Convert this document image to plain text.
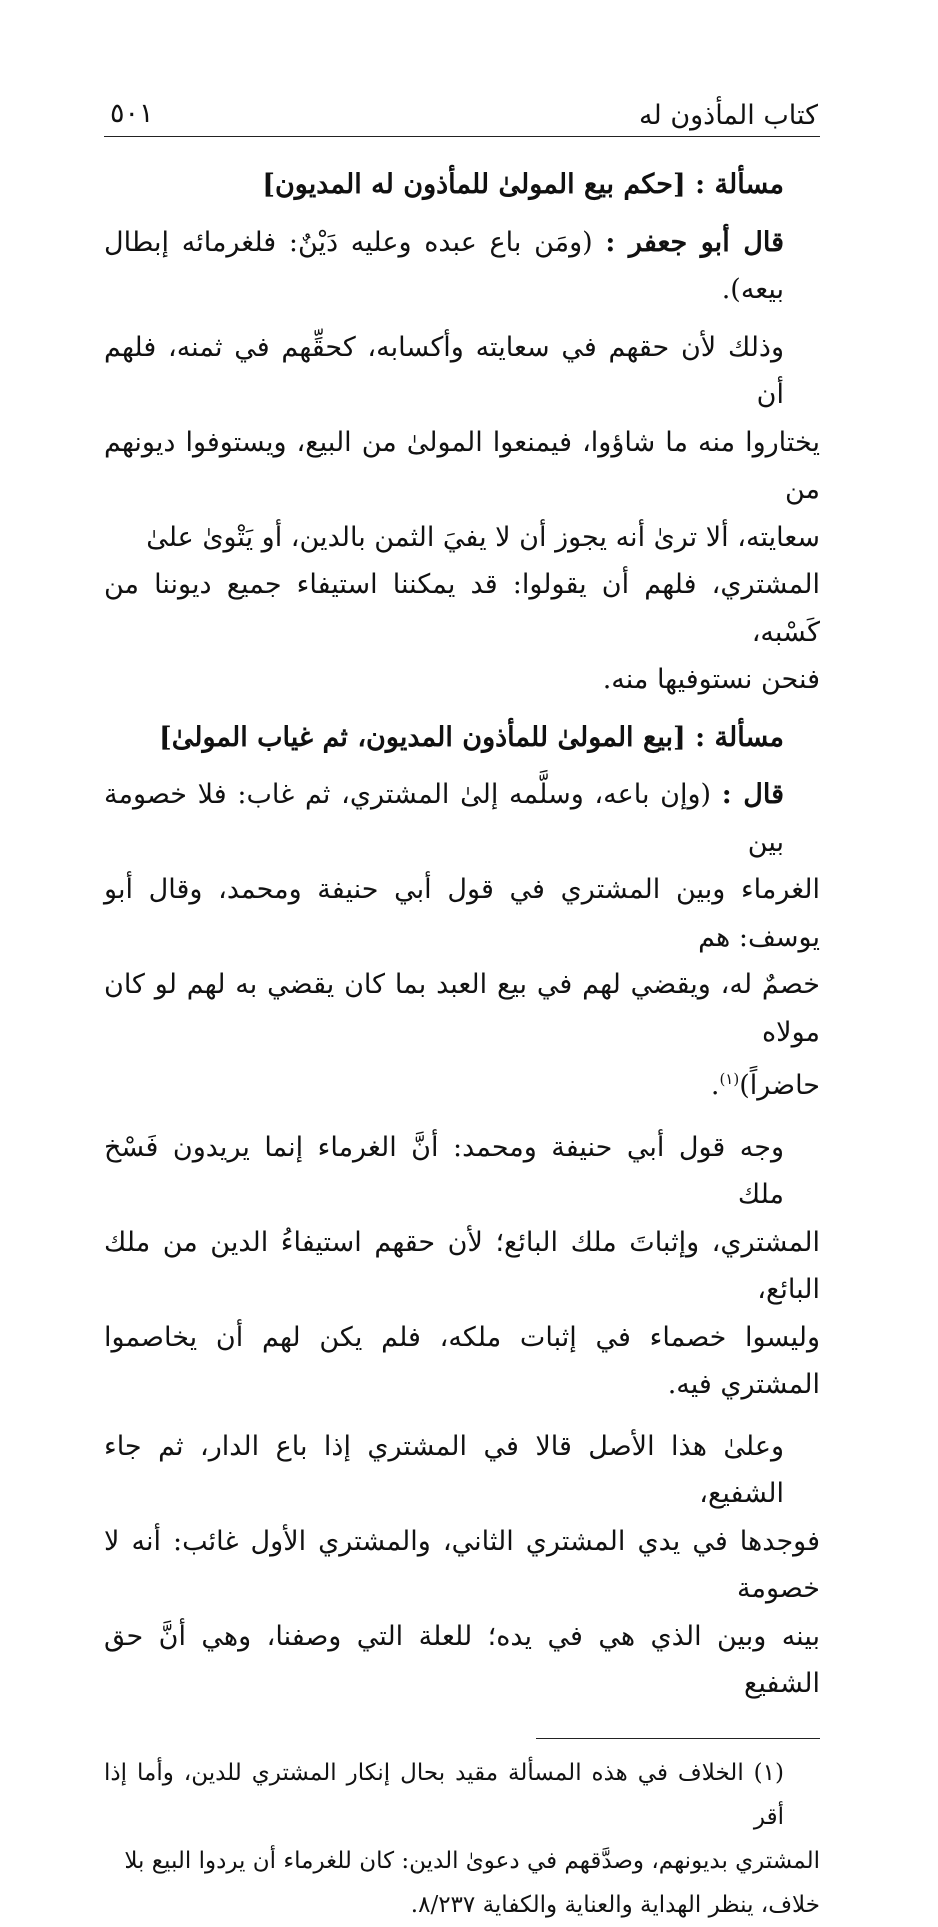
كتاب المأذون له
٥٠١

مسألة : [حكم بيع المولىٰ للمأذون له المديون]

قال أبو جعفر : (ومَن باع عبده وعليه دَيْنٌ: فلغرمائه إبطال بيعه).

وذلك لأن حقهم في سعايته وأكسابه، كحقِّهم في ثمنه، فلهم أن

يختاروا منه ما شاؤوا، فيمنعوا المولىٰ من البيع، ويستوفوا ديونهم من

سعايته، ألا ترىٰ أنه يجوز أن لا يفيَ الثمن بالدين، أو يَتْوىٰ علىٰ

المشتري، فلهم أن يقولوا: قد يمكننا استيفاء جميع ديوننا من كَسْبه،

فنحن نستوفيها منه.

مسألة : [بيع المولىٰ للمأذون المديون، ثم غياب المولىٰ]

قال : (وإن باعه، وسلَّمه إلىٰ المشتري، ثم غاب: فلا خصومة بين

الغرماء وبين المشتري في قول أبي حنيفة ومحمد، وقال أبو يوسف: هم

خصمٌ له، ويقضي لهم في بيع العبد بما كان يقضي به لهم لو كان مولاه

حاضراً)$^{(١)}$.

وجه قول أبي حنيفة ومحمد: أنَّ الغرماء إنما يريدون فَسْخ ملك

المشتري، وإثباتَ ملك البائع؛ لأن حقهم استيفاءُ الدين من ملك البائع،

وليسوا خصماء في إثبات ملكه، فلم يكن لهم أن يخاصموا المشتري فيه.

وعلىٰ هذا الأصل قالا في المشتري إذا باع الدار، ثم جاء الشفيع،

فوجدها في يدي المشتري الثاني، والمشتري الأول غائب: أنه لا خصومة

بينه وبين الذي هي في يده؛ للعلة التي وصفنا، وهي أنَّ حق الشفيع

(١) الخلاف في هذه المسألة مقيد بحال إنكار المشتري للدين، وأما إذا أقر

المشتري بديونهم، وصدَّقهم في دعوىٰ الدين: كان للغرماء أن يردوا البيع بلا

خلاف، ينظر الهداية والعناية والكفاية ٨/٢٣٧.
